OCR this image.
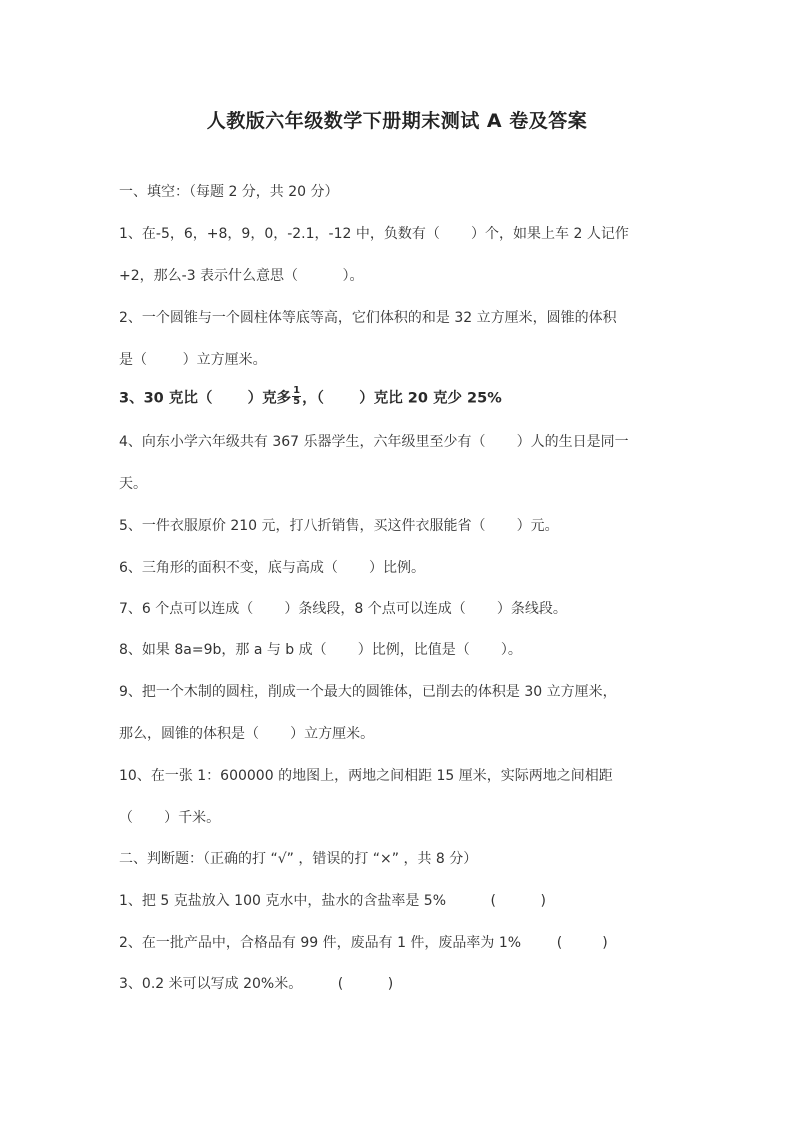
人教版六年级数学下册期末测试 A 卷及答案
一、填空：（每题 2 分，共 20 分）
1、在-5，6，+8，9，0，-2.1，-12 中，负数有（       ）个，如果上车 2 人记作
+2，那么-3 表示什么意思（          ）。
2、一个圆锥与一个圆柱体等底等高，它们体积的和是 32 立方厘米，圆锥的体积
是（        ）立方厘米。
3、30 克比（       ）克多 $\frac{1}{5}$ ，（       ）克比 20 克少 25%
4、向东小学六年级共有 367 乐器学生，六年级里至少有（       ）人的生日是同一
天。
5、一件衣服原价 210 元，打八折销售，买这件衣服能省（       ）元。
6、三角形的面积不变，底与高成（       ）比例。
7、6 个点可以连成（       ）条线段，8 个点可以连成（       ）条线段。
8、如果 8a=9b，那 a 与 b 成（       ）比例，比值是（       ）。
9、把一个木制的圆柱，削成一个最大的圆锥体，已削去的体积是 30 立方厘米，
那么，圆锥的体积是（       ）立方厘米。
10、在一张 1：600000 的地图上，两地之间相距 15 厘米，实际两地之间相距
（       ）千米。
二、判断题：（正确的打 “√” ，错误的打 “×” ，共 8 分）
1、把 5 克盐放入 100 克水中，盐水的含盐率是 5%          (          )
2、在一批产品中，合格品有 99 件，废品有 1 件，废品率为 1%        (         )
3、0.2 米可以写成 20%米。        (          )
